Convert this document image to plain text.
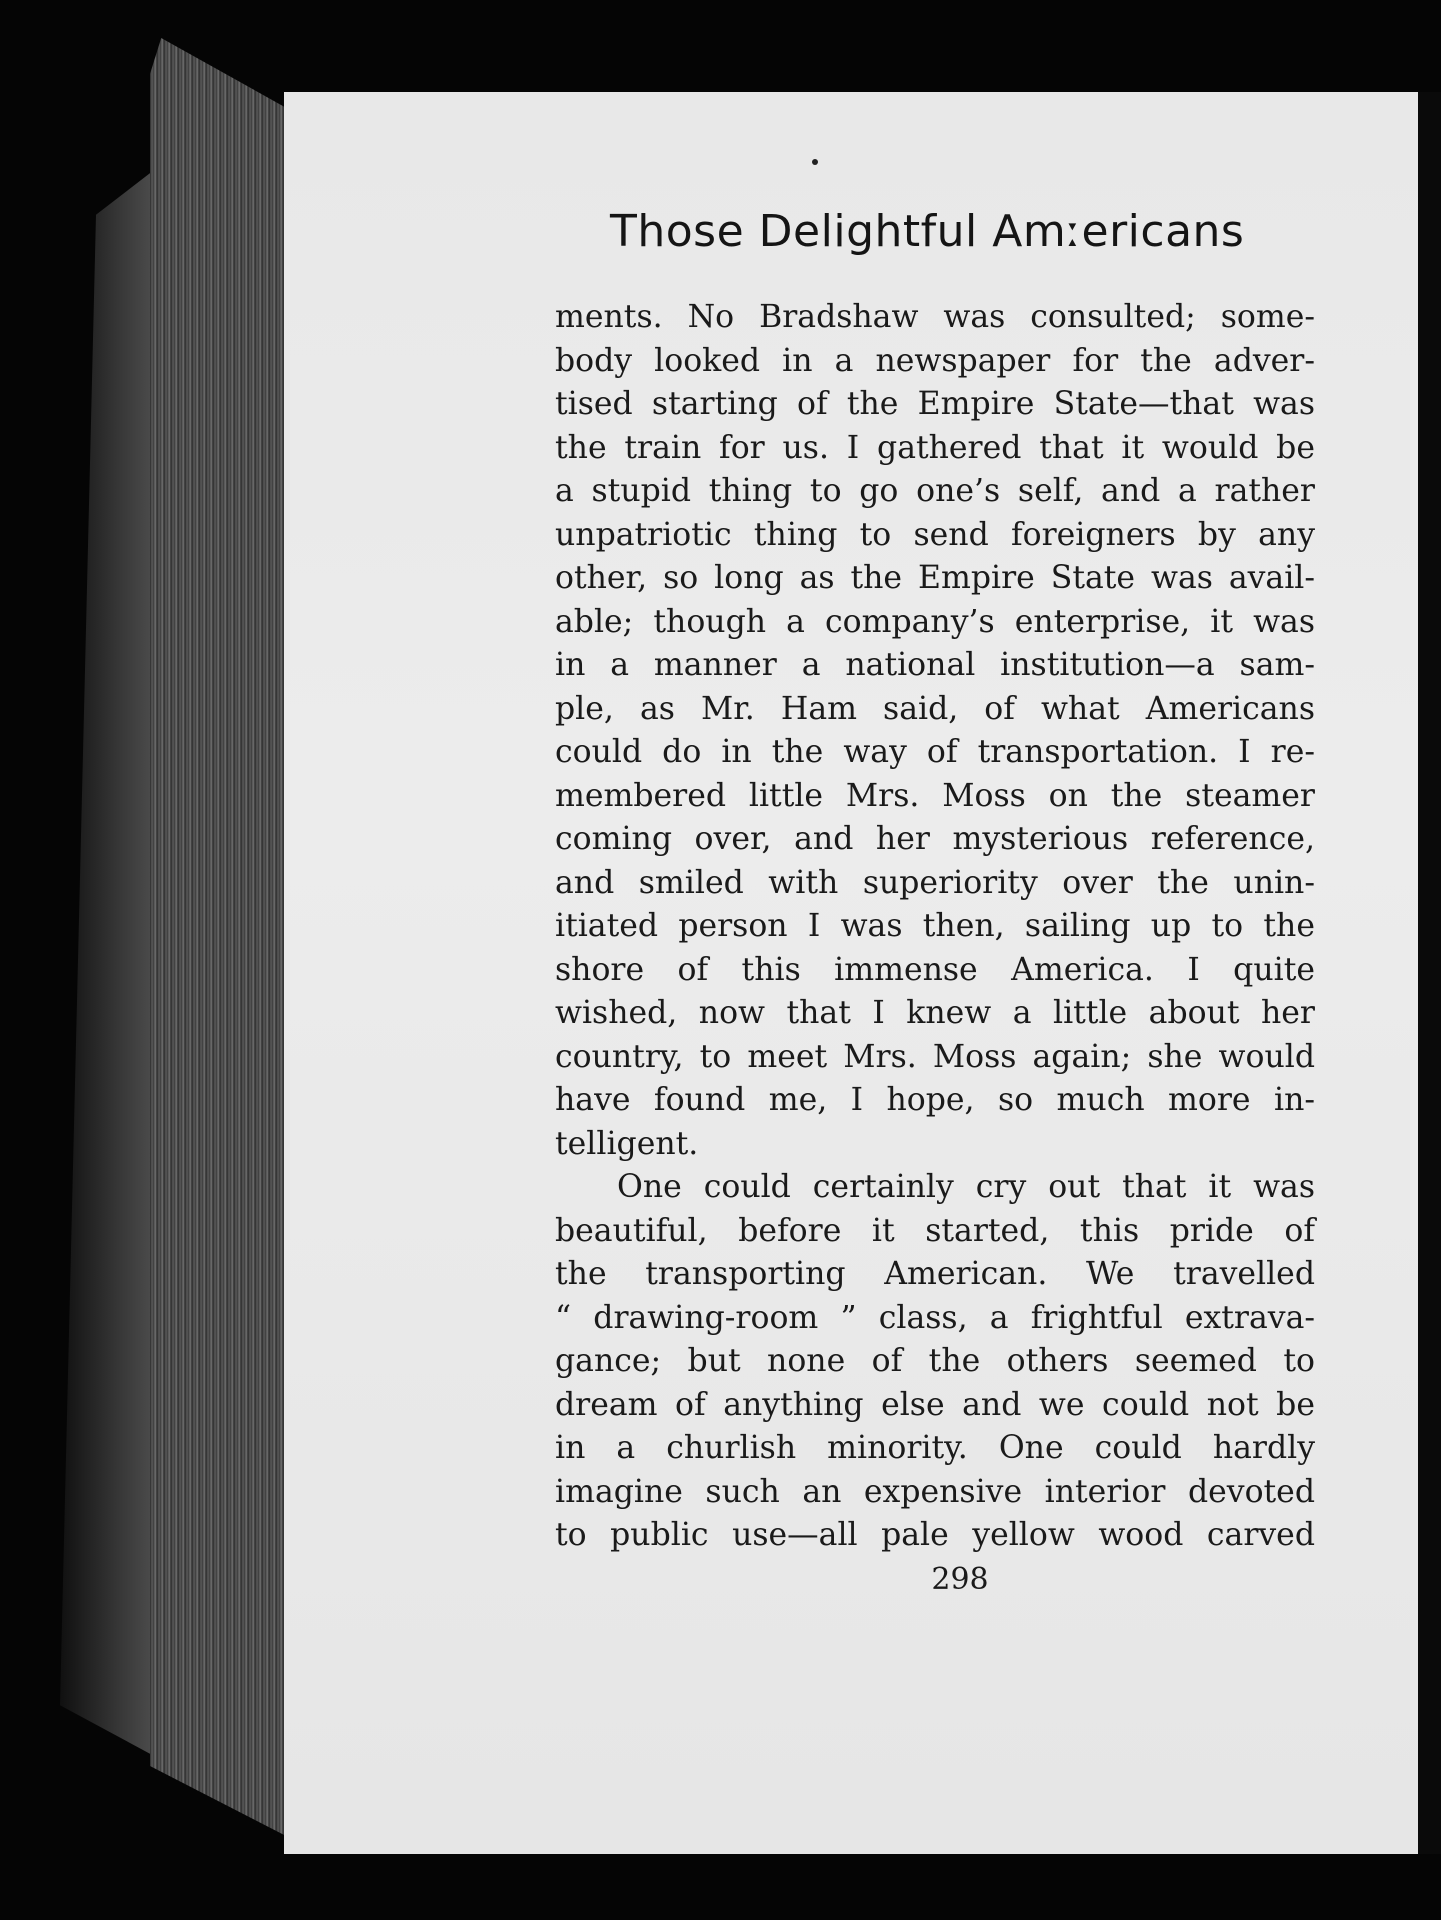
Those Delightful Amːericans
ments. No Bradshaw was consulted; some-
body looked in a newspaper for the adver-
tised starting of the Empire State—that was
the train for us. I gathered that it would be
a stupid thing to go one’s self, and a rather
unpatriotic thing to send foreigners by any
other, so long as the Empire State was avail-
able; though a company’s enterprise, it was
in a manner a national institution—a sam-
ple, as Mr. Ham said, of what Americans
could do in the way of transportation. I re-
membered little Mrs. Moss on the steamer
coming over, and her mysterious reference,
and smiled with superiority over the unin-
itiated person I was then, sailing up to the
shore of this immense America. I quite
wished, now that I knew a little about her
country, to meet Mrs. Moss again; she would
have found me, I hope, so much more in-
telligent.
One could certainly cry out that it was
beautiful, before it started, this pride of
the transporting American. We travelled
“ drawing-room ” class, a frightful extrava-
gance; but none of the others seemed to
dream of anything else and we could not be
in a churlish minority. One could hardly
imagine such an expensive interior devoted
to public use—all pale yellow wood carved
298
